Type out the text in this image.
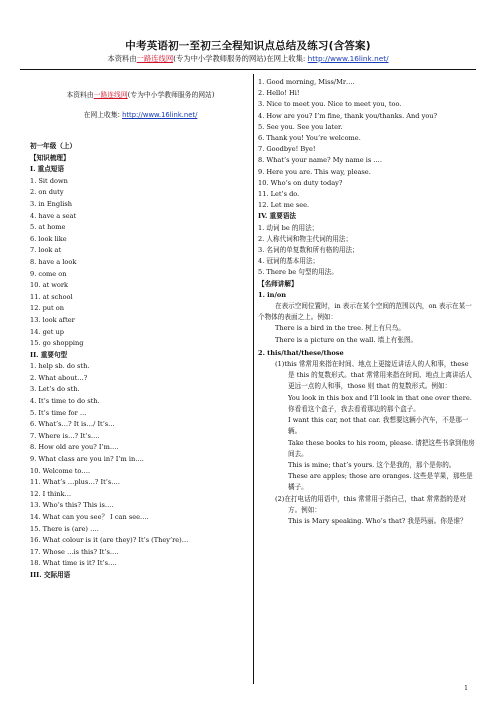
中考英语初一至初三全程知识点总结及练习(含答案)
本资料由一路连线网(专为中小学教师服务的网站)在网上收集: http://www.16link.net/
本资料由一路连线网(专为中小学教师服务的网站)
在网上收集: http://www.16link.net/
初一年级（上）
【知识梳理】
I. 重点短语
1. Sit down
2. on duty
3. in English
4. have a seat
5. at home
6. look like
7. look at
8. have a look
9. come on
10. at work
11. at school
12. put on
13. look after
14. get up
15. go shopping
II. 重要句型
1. help sb. do sth.
2. What about…?
3. Let’s do sth.
4. It’s time to do sth.
5. It’s time for …
6. What’s…? It is…/ It’s…
7. Where is…? It’s….
8. How old are you? I’m….
9. What class are you in? I’m in….
10. Welcome to….
11. What’s …plus…? It’s….
12. I think…
13. Who’s this? This is….
14. What can you see？ I can see….
15. There is (are) ….
16. What colour is it (are they)? It’s (They’re)…
17. Whose …is this? It’s….
18. What time is it? It’s….
III. 交际用语
1. Good morning, Miss/Mr….
2. Hello! Hi!
3. Nice to meet you. Nice to meet you, too.
4. How are you? I’m fine, thank you/thanks. And you?
5. See you. See you later.
6. Thank you! You’re welcome.
7. Goodbye! Bye!
8. What’s your name? My name is ….
9. Here you are. This way, please.
10. Who’s on duty today?
11. Let’s do.
12. Let me see.
IV. 重要语法
1. 动词 be 的用法；
2. 人称代词和物主代词的用法；
3. 名词的单复数和所有格的用法；
4. 冠词的基本用法；
5. There be 句型的用法。
【名师讲解】
1. in/on
在表示空间位置时，in 表示在某个空间的范围以内，on 表示在某一个物体的表面之上。例如：
There is a bird in the tree. 树上有只鸟。
There is a picture on the wall. 墙上有张图。
2. this/that/these/those
(1)this 常常用来指在时间、地点上更接近讲话人的人和事，these 是 this 的复数形式。that 常常用来指在时间、地点上离讲话人更远一点的人和事，those 则 that 的复数形式。例如：
You look in this box and I’ll look in that one over there.你看看这个盒子，我去看看那边的那个盒子。
I want this car, not that car. 我想要这辆小汽车，不是那一辆。
Take these books to his room, please. 请把这些书拿到他房间去。
This is mine; that’s yours. 这个是我的，那个是你的。
These are apples; those are oranges. 这些是苹果，那些是橘子。
(2)在打电话的用语中，this 常常用于指自己，that 常常指的是对方。例如：
This is Mary speaking. Who’s that? 我是玛丽。你是谁？
1
